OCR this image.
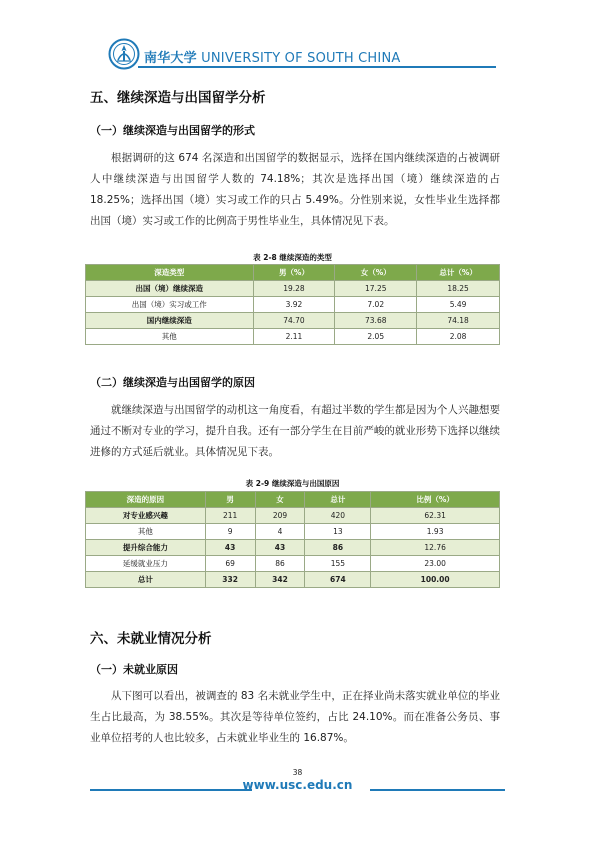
南华大学 UNIVERSITY OF SOUTH CHINA
五、继续深造与出国留学分析
（一）继续深造与出国留学的形式

根据调研的这 674 名深造和出国留学的数据显示，选择在国内继续深造的占被调研人中继续深造与出国留学人数的 74.18%；其次是选择出国（境）继续深造的占 18.25%；选择出国（境）实习或工作的只占 5.49%。分性别来说，女性毕业生选择都出国（境）实习或工作的比例高于男性毕业生，具体情况见下表。

表 2-8 继续深造的类型
深造类型	男（%）	女（%）	总计（%）
出国（境）继续深造	19.28	17.25	18.25
出国（境）实习或工作	3.92	7.02	5.49
国内继续深造	74.70	73.68	74.18
其他	2.11	2.05	2.08
（二）继续深造与出国留学的原因

就继续深造与出国留学的动机这一角度看，有超过半数的学生都是因为个人兴趣想要通过不断对专业的学习，提升自我。还有一部分学生在目前严峻的就业形势下选择以继续进修的方式延后就业。具体情况见下表。

表 2-9 继续深造与出国原因
深造的原因	男	女	总计	比例（%）
对专业感兴趣	211	209	420	62.31
其他	9	4	13	1.93
提升综合能力	43	43	86	12.76
延缓就业压力	69	86	155	23.00
总计	332	342	674	100.00
六、未就业情况分析
（一）未就业原因

从下图可以看出，被调查的 83 名未就业学生中，正在择业尚未落实就业单位的毕业生占比最高，为 38.55%。其次是等待单位签约，占比 24.10%。而在准备公务员、事业单位招考的人也比较多，占未就业毕业生的 16.87%。

38
www.usc.edu.cn
